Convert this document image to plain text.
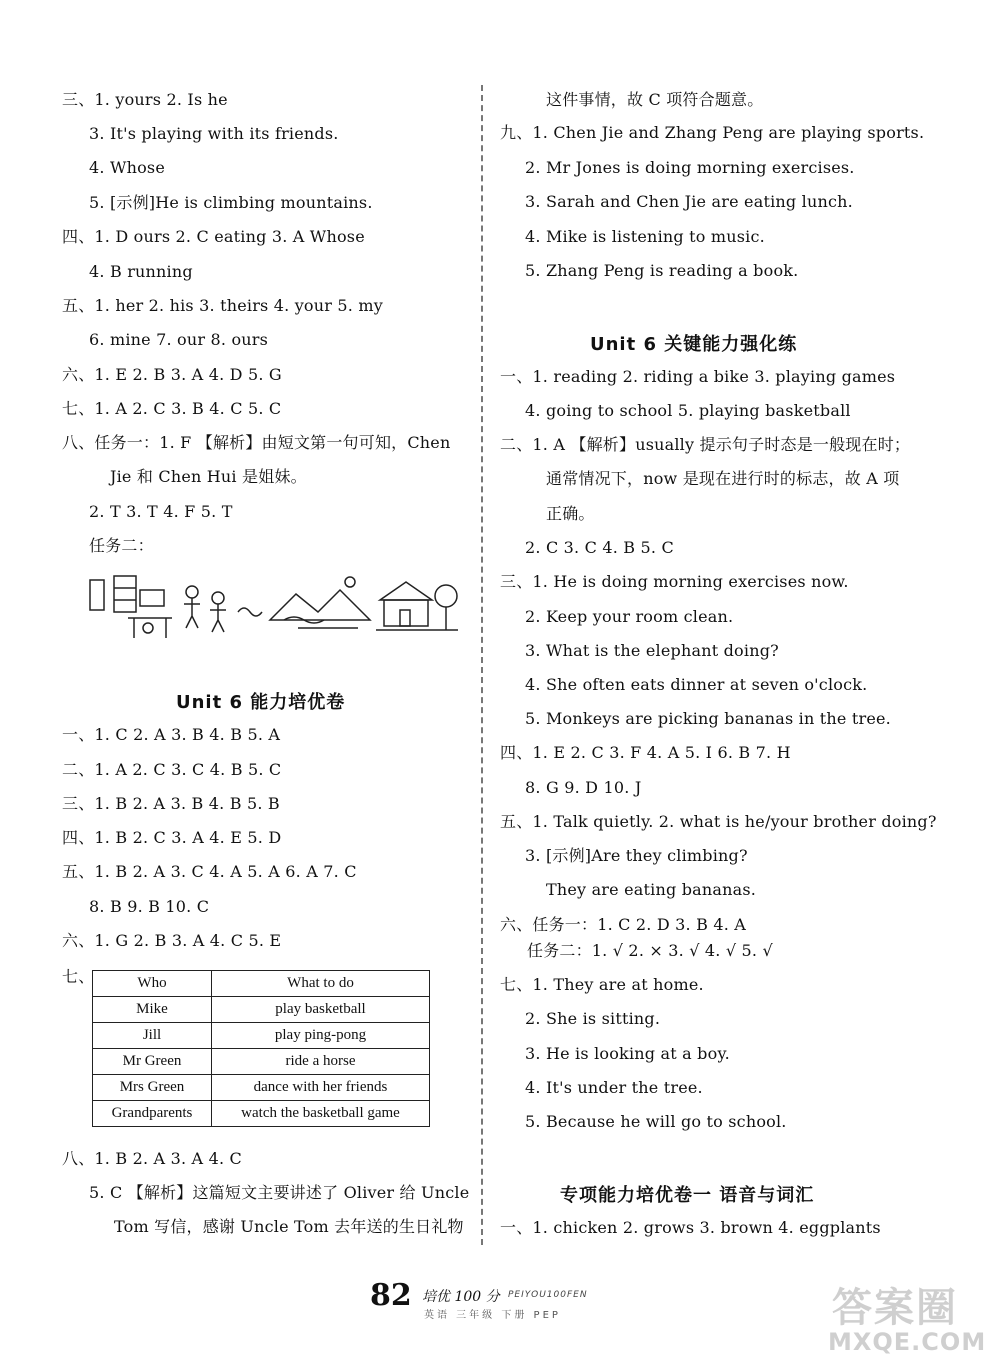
三、1. yours 2. Is he
3. It's playing with its friends.
4. Whose
5. [示例]He is climbing mountains.
四、1. D ours 2. C eating 3. A Whose
4. B running
五、1. her 2. his 3. theirs 4. your 5. my
6. mine 7. our 8. ours
六、1. E 2. B 3. A 4. D 5. G
七、1. A 2. C 3. B 4. C 5. C
八、任务一：1. F 【解析】由短文第一句可知，Chen
Jie 和 Chen Hui 是姐妹。
2. T 3. T 4. F 5. T
任务二：
Unit 6 能力培优卷
一、1. C 2. A 3. B 4. B 5. A
二、1. A 2. C 3. C 4. B 5. C
三、1. B 2. A 3. B 4. B 5. B
四、1. B 2. C 3. A 4. E 5. D
五、1. B 2. A 3. C 4. A 5. A 6. A 7. C
8. B 9. B 10. C
六、1. G 2. B 3. A 4. C 5. E
七、	Who	What to do
Mike	play basketball
Jill	play ping-pong
Mr Green	ride a horse
Mrs Green	dance with her friends
Grandparents	watch the basketball game
八、1. B 2. A 3. A 4. C
5. C 【解析】这篇短文主要讲述了 Oliver 给 Uncle
Tom 写信，感谢 Uncle Tom 去年送的生日礼物
这件事情，故 C 项符合题意。
九、1. Chen Jie and Zhang Peng are playing sports.
2. Mr Jones is doing morning exercises.
3. Sarah and Chen Jie are eating lunch.
4. Mike is listening to music.
5. Zhang Peng is reading a book.
Unit 6 关键能力强化练
一、1. reading 2. riding a bike 3. playing games
4. going to school 5. playing basketball
二、1. A 【解析】usually 提示句子时态是一般现在时；
通常情况下，now 是现在进行时的标志，故 A 项
正确。
2. C 3. C 4. B 5. C
三、1. He is doing morning exercises now.
2. Keep your room clean.
3. What is the elephant doing?
4. She often eats dinner at seven o'clock.
5. Monkeys are picking bananas in the tree.
四、1. E 2. C 3. F 4. A 5. I 6. B 7. H
8. G 9. D 10. J
五、1. Talk quietly. 2. what is he/your brother doing?
3. [示例]Are they climbing?
They are eating bananas.
六、任务一：1. C 2. D 3. B 4. A
任务二：1. √ 2. × 3. √ 4. √ 5. √
七、1. They are at home.
2. She is sitting.
3. He is looking at a boy.
4. It's under the tree.
5. Because he will go to school.
专项能力培优卷一 语音与词汇
一、1. chicken 2. grows 3. brown 4. eggplants
82 培优 100 分 PEIYOU100FEN
英语 三年级 下册 PEP	答案圈
MXQE.COM
